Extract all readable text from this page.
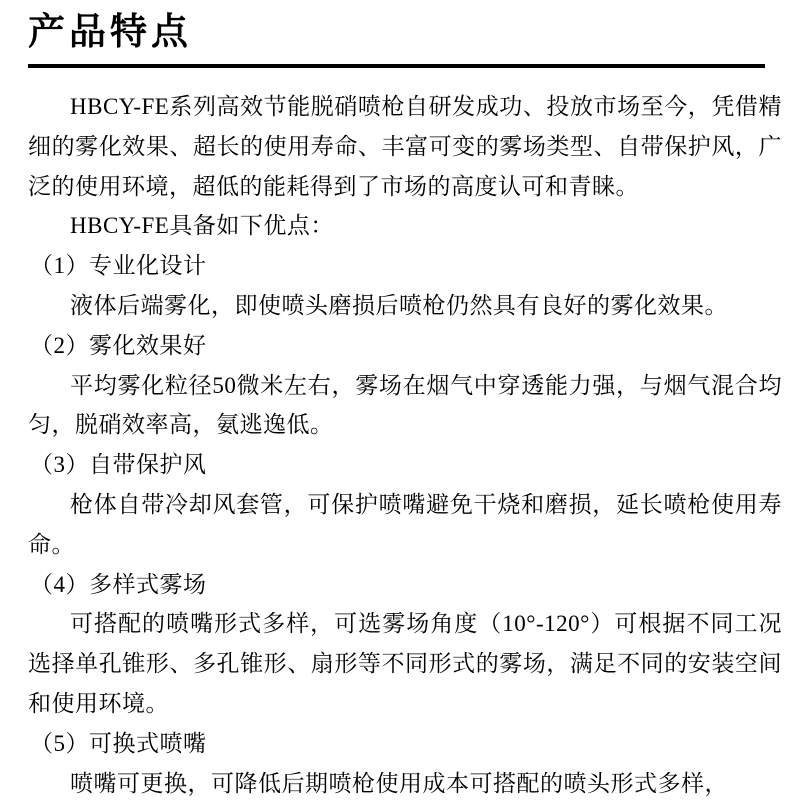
产品特点

HBCY-FE系列高效节能脱硝喷枪自研发成功、投放市场至今，凭借精细的雾化效果、超长的使用寿命、丰富可变的雾场类型、自带保护风，广泛的使用环境，超低的能耗得到了市场的高度认可和青睐。

HBCY-FE具备如下优点：

（1）专业化设计

液体后端雾化，即使喷头磨损后喷枪仍然具有良好的雾化效果。

（2）雾化效果好

平均雾化粒径50微米左右，雾场在烟气中穿透能力强，与烟气混合均匀，脱硝效率高，氨逃逸低。

（3）自带保护风

枪体自带冷却风套管，可保护喷嘴避免干烧和磨损，延长喷枪使用寿命。

（4）多样式雾场

可搭配的喷嘴形式多样，可选雾场角度（10°-120°）可根据不同工况选择单孔锥形、多孔锥形、扇形等不同形式的雾场，满足不同的安装空间和使用环境。

（5）可换式喷嘴

喷嘴可更换，可降低后期喷枪使用成本可搭配的喷头形式多样，
